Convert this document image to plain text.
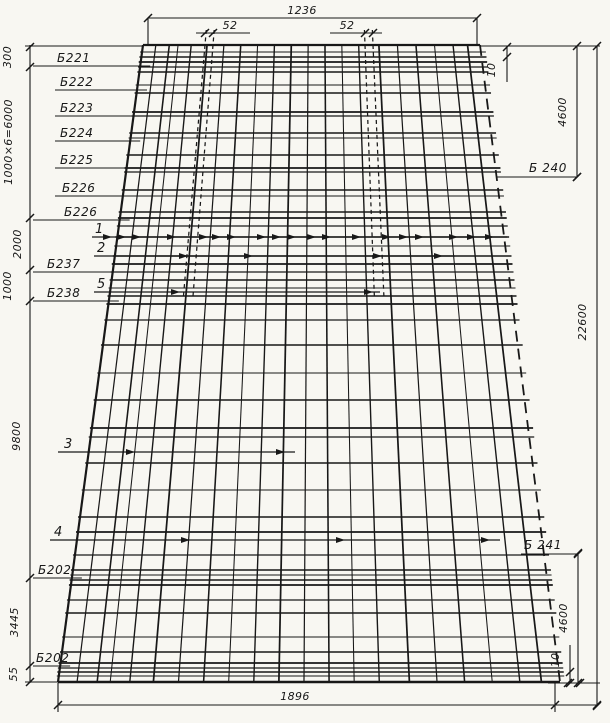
Б221
Б222
Б223
Б224
Б225
Б226
Б226
Б237
Б238
Б202
Б202
Б 240
Б 241
1
2
5
3
4
300
1000×6=6000
2000
1000
9800
3445
55
1236
52	52
1896
10
4600
22600
4600
10
